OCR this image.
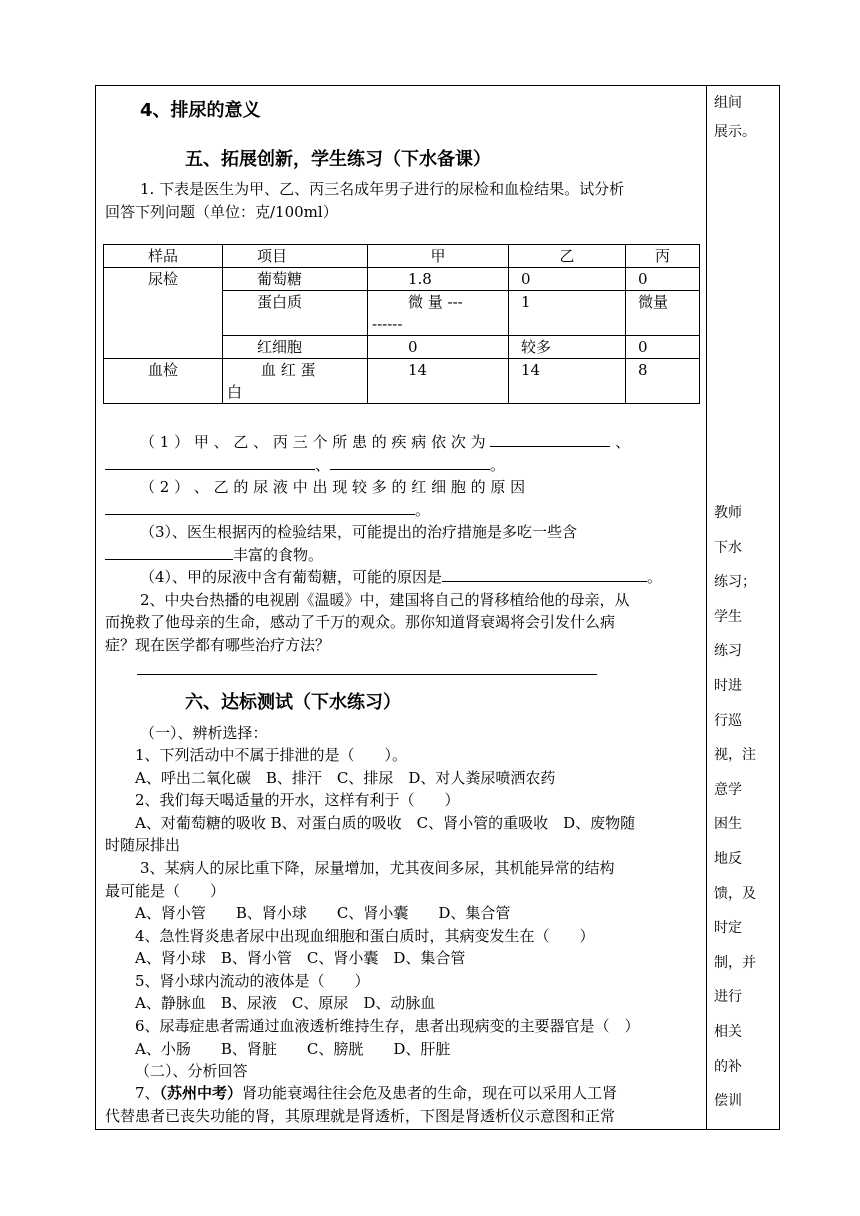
组间
展示。
教师
下水
练习；
学生
练习
时进
行巡
视，注
意学
困生
地反
馈，及
时定
制，并
进行
相关
的补
偿训
4、排尿的意义
五、拓展创新，学生练习（下水备课）
1. 下表是医生为甲、乙、丙三名成年男子进行的尿检和血检结果。试分析
回答下列问题（单位：克/100ml）
样品	项目	甲	乙	丙
尿检	葡萄糖	1.8	0	0
	蛋白质	微 量 ---
------	1	微量
	红细胞	0	较多	0
血检	血 红 蛋
白	14	14	8
（ 1 ） 甲 、 乙 、 丙 三 个 所 患 的 疾 病 依 次 为	、
、	。
（ 2 ） 、 乙 的 尿 液 中 出 现 较 多 的 红 细 胞 的 原 因
。
（3）、医生根据丙的检验结果，可能提出的治疗措施是多吃一些含
丰富的食物。
（4）、甲的尿液中含有葡萄糖，可能的原因是	。
2、中央台热播的电视剧《温暖》中，建国将自己的肾移植给他的母亲，从
而挽救了他母亲的生命，感动了千万的观众。那你知道肾衰竭将会引发什么病
症？现在医学都有哪些治疗方法？
六、达标测试（下水练习）
（一）、辨析选择：
1、下列活动中不属于排泄的是（　　）。
A、呼出二氧化碳　B、排汗　C、排尿　D、对人粪尿喷洒农药
2、我们每天喝适量的开水，这样有利于（　　）
A、对葡萄糖的吸收 B、对蛋白质的吸收　C、肾小管的重吸收　D、废物随
时随尿排出
3、某病人的尿比重下降，尿量增加，尤其夜间多尿，其机能异常的结构
最可能是（　　）
A、肾小管　　B、肾小球　　C、肾小囊　　D、集合管
4、急性肾炎患者尿中出现血细胞和蛋白质时，其病变发生在（　　）
A、肾小球　B、肾小管　C、肾小囊　D、集合管
5、肾小球内流动的液体是（　　）
A、静脉血　B、尿液　C、原尿　D、动脉血
6、尿毒症患者需通过血液透析维持生存，患者出现病变的主要器官是（　）
A、小肠　　B、肾脏　　C、膀胱　　D、肝脏
（二）、分析回答
7、（苏州中考）肾功能衰竭往往会危及患者的生命，现在可以采用人工肾
代替患者已丧失功能的肾，其原理就是肾透析，下图是肾透析仪示意图和正常
